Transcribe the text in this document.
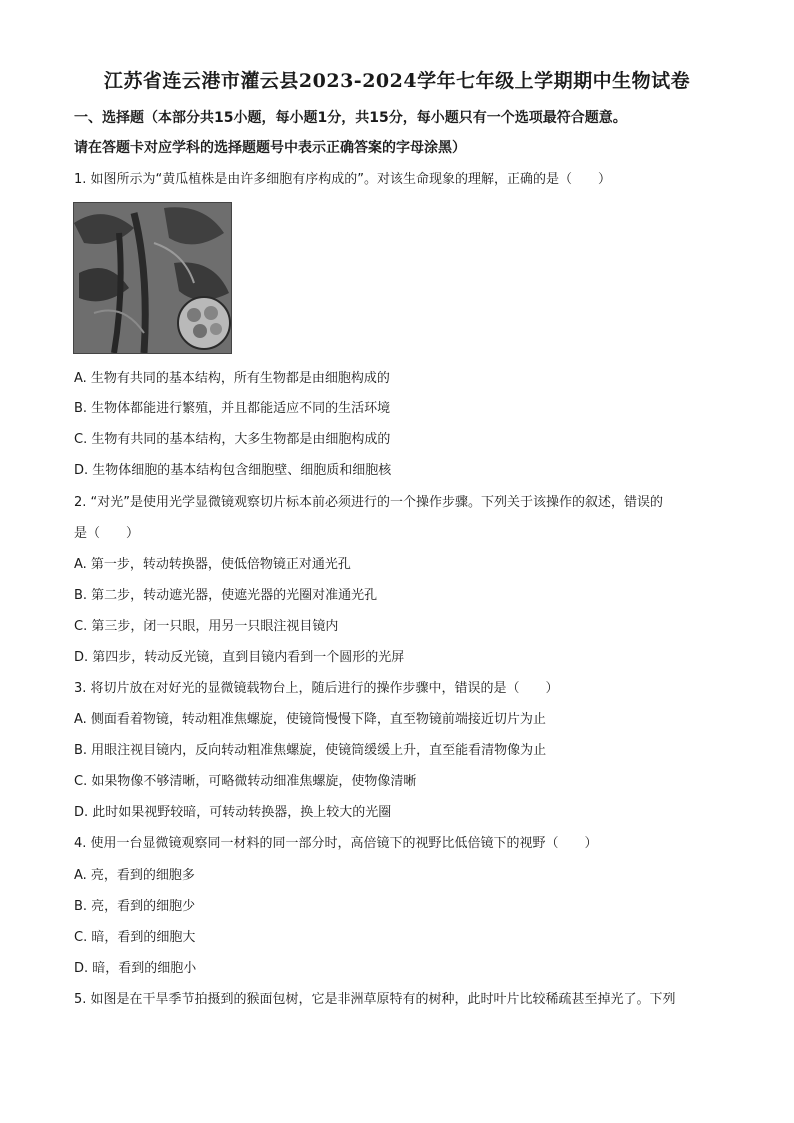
江苏省连云港市灌云县2023-2024学年七年级上学期期中生物试卷
一、选择题（本部分共15小题，每小题1分，共15分，每小题只有一个选项最符合题意。
请在答题卡对应学科的选择题题号中表示正确答案的字母涂黑）
1. 如图所示为“黄瓜植株是由许多细胞有序构成的”。对该生命现象的理解，正确的是（　　）
A. 生物有共同的基本结构，所有生物都是由细胞构成的
B. 生物体都能进行繁殖，并且都能适应不同的生活环境
C. 生物有共同的基本结构，大多生物都是由细胞构成的
D. 生物体细胞的基本结构包含细胞壁、细胞质和细胞核
2. “对光”是使用光学显微镜观察切片标本前必须进行的一个操作步骤。下列关于该操作的叙述，错误的
是（　　）
A. 第一步，转动转换器，使低倍物镜正对通光孔
B. 第二步，转动遮光器，使遮光器的光圈对准通光孔
C. 第三步，闭一只眼，用另一只眼注视目镜内
D. 第四步，转动反光镜，直到目镜内看到一个圆形的光屏
3. 将切片放在对好光的显微镜载物台上，随后进行的操作步骤中，错误的是（　　）
A. 侧面看着物镜，转动粗准焦螺旋，使镜筒慢慢下降，直至物镜前端接近切片为止
B. 用眼注视目镜内，反向转动粗准焦螺旋，使镜筒缓缓上升，直至能看清物像为止
C. 如果物像不够清晰，可略微转动细准焦螺旋，使物像清晰
D. 此时如果视野较暗，可转动转换器，换上较大的光圈
4. 使用一台显微镜观察同一材料的同一部分时，高倍镜下的视野比低倍镜下的视野（　　）
A. 亮，看到的细胞多
B. 亮，看到的细胞少
C. 暗，看到的细胞大
D. 暗，看到的细胞小
5. 如图是在干旱季节拍摄到的猴面包树，它是非洲草原特有的树种，此时叶片比较稀疏甚至掉光了。下列
